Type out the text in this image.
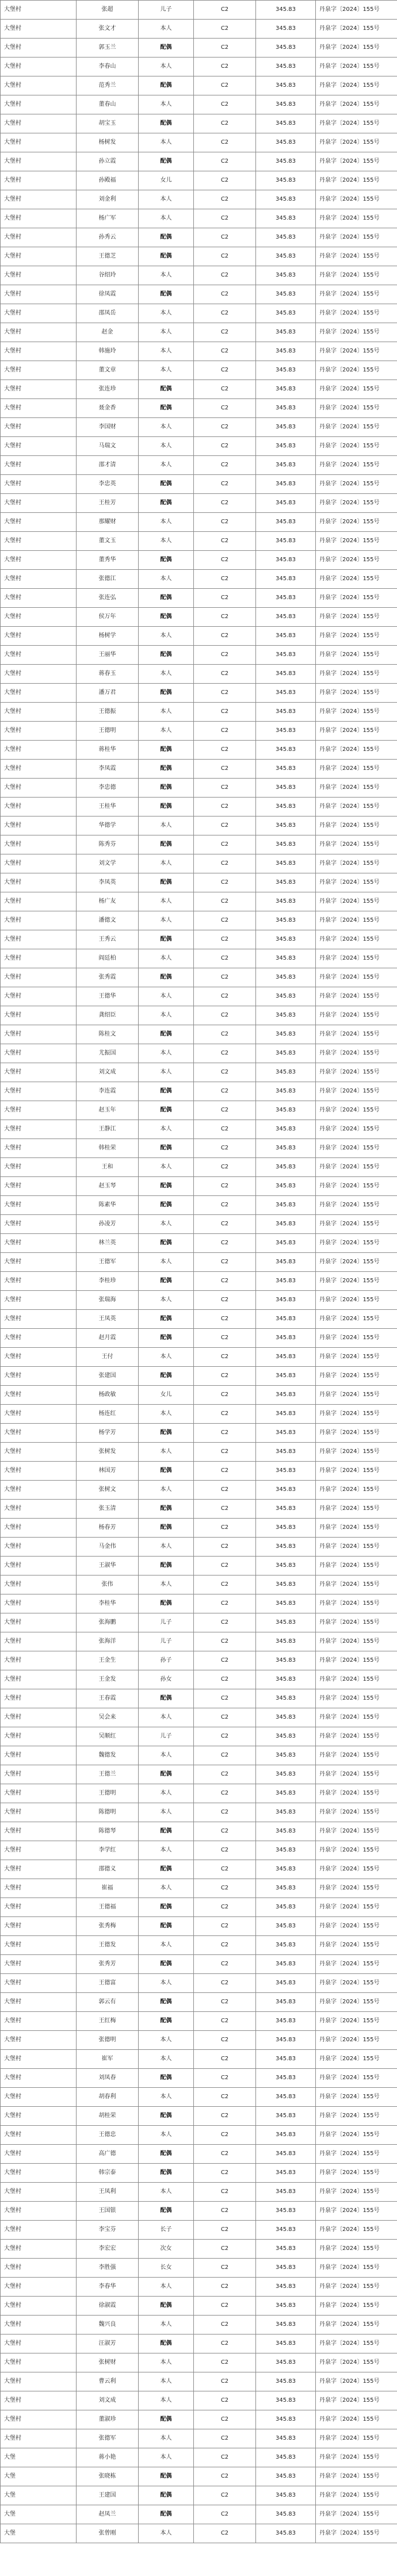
大堡村	张超	儿子	C2	345.83	丹泉字〔2024〕155号
大堡村	张文才	本人	C2	345.83	丹泉字〔2024〕155号
大堡村	郭玉兰	配偶	C2	345.83	丹泉字〔2024〕155号
大堡村	李春山	本人	C2	345.83	丹泉字〔2024〕155号
大堡村	范秀兰	配偶	C2	345.83	丹泉字〔2024〕155号
大堡村	董春山	本人	C2	345.83	丹泉字〔2024〕155号
大堡村	胡宝玉	配偶	C2	345.83	丹泉字〔2024〕155号
大堡村	杨树发	本人	C2	345.83	丹泉字〔2024〕155号
大堡村	孙立霞	配偶	C2	345.83	丹泉字〔2024〕155号
大堡村	孙殿福	女儿	C2	345.83	丹泉字〔2024〕155号
大堡村	刘金利	本人	C2	345.83	丹泉字〔2024〕155号
大堡村	杨广军	本人	C2	345.83	丹泉字〔2024〕155号
大堡村	孙秀云	配偶	C2	345.83	丹泉字〔2024〕155号
大堡村	王德芝	配偶	C2	345.83	丹泉字〔2024〕155号
大堡村	谷绍玲	本人	C2	345.83	丹泉字〔2024〕155号
大堡村	徐凤霞	配偶	C2	345.83	丹泉字〔2024〕155号
大堡村	邵凤岳	本人	C2	345.83	丹泉字〔2024〕155号
大堡村	赵金	本人	C2	345.83	丹泉字〔2024〕155号
大堡村	韩施玲	本人	C2	345.83	丹泉字〔2024〕155号
大堡村	董文章	本人	C2	345.83	丹泉字〔2024〕155号
大堡村	张连珍	配偶	C2	345.83	丹泉字〔2024〕155号
大堡村	聂金香	配偶	C2	345.83	丹泉字〔2024〕155号
大堡村	李国财	本人	C2	345.83	丹泉字〔2024〕155号
大堡村	马瑞文	本人	C2	345.83	丹泉字〔2024〕155号
大堡村	邵才清	本人	C2	345.83	丹泉字〔2024〕155号
大堡村	李忠英	配偶	C2	345.83	丹泉字〔2024〕155号
大堡村	王桂芳	配偶	C2	345.83	丹泉字〔2024〕155号
大堡村	那耀财	本人	C2	345.83	丹泉字〔2024〕155号
大堡村	董文玉	本人	C2	345.83	丹泉字〔2024〕155号
大堡村	董秀华	配偶	C2	345.83	丹泉字〔2024〕155号
大堡村	张德江	本人	C2	345.83	丹泉字〔2024〕155号
大堡村	张连弘	配偶	C2	345.83	丹泉字〔2024〕155号
大堡村	侯万年	配偶	C2	345.83	丹泉字〔2024〕155号
大堡村	杨树学	本人	C2	345.83	丹泉字〔2024〕155号
大堡村	王丽华	配偶	C2	345.83	丹泉字〔2024〕155号
大堡村	蒋春玉	本人	C2	345.83	丹泉字〔2024〕155号
大堡村	潘万君	配偶	C2	345.83	丹泉字〔2024〕155号
大堡村	王德振	本人	C2	345.83	丹泉字〔2024〕155号
大堡村	王德明	本人	C2	345.83	丹泉字〔2024〕155号
大堡村	蒋桂华	配偶	C2	345.83	丹泉字〔2024〕155号
大堡村	李凤霞	配偶	C2	345.83	丹泉字〔2024〕155号
大堡村	李忠德	配偶	C2	345.83	丹泉字〔2024〕155号
大堡村	王桂华	配偶	C2	345.83	丹泉字〔2024〕155号
大堡村	华德学	本人	C2	345.83	丹泉字〔2024〕155号
大堡村	陈秀芬	配偶	C2	345.83	丹泉字〔2024〕155号
大堡村	刘文学	本人	C2	345.83	丹泉字〔2024〕155号
大堡村	李凤英	配偶	C2	345.83	丹泉字〔2024〕155号
大堡村	杨广友	本人	C2	345.83	丹泉字〔2024〕155号
大堡村	潘德文	本人	C2	345.83	丹泉字〔2024〕155号
大堡村	王秀云	配偶	C2	345.83	丹泉字〔2024〕155号
大堡村	阎廷柏	本人	C2	345.83	丹泉字〔2024〕155号
大堡村	张秀霞	配偶	C2	345.83	丹泉字〔2024〕155号
大堡村	王德华	本人	C2	345.83	丹泉字〔2024〕155号
大堡村	龚绍臣	本人	C2	345.83	丹泉字〔2024〕155号
大堡村	陈桂文	配偶	C2	345.83	丹泉字〔2024〕155号
大堡村	尤振国	本人	C2	345.83	丹泉字〔2024〕155号
大堡村	刘文成	本人	C2	345.83	丹泉字〔2024〕155号
大堡村	李连霞	配偶	C2	345.83	丹泉字〔2024〕155号
大堡村	赵玉年	配偶	C2	345.83	丹泉字〔2024〕155号
大堡村	王静江	本人	C2	345.83	丹泉字〔2024〕155号
大堡村	韩桂荣	配偶	C2	345.83	丹泉字〔2024〕155号
大堡村	王和	本人	C2	345.83	丹泉字〔2024〕155号
大堡村	赵玉琴	配偶	C2	345.83	丹泉字〔2024〕155号
大堡村	陈素华	配偶	C2	345.83	丹泉字〔2024〕155号
大堡村	孙凌芳	本人	C2	345.83	丹泉字〔2024〕155号
大堡村	林兰英	配偶	C2	345.83	丹泉字〔2024〕155号
大堡村	王德军	本人	C2	345.83	丹泉字〔2024〕155号
大堡村	李桂珍	配偶	C2	345.83	丹泉字〔2024〕155号
大堡村	张瑞海	本人	C2	345.83	丹泉字〔2024〕155号
大堡村	王凤英	配偶	C2	345.83	丹泉字〔2024〕155号
大堡村	赵月霞	配偶	C2	345.83	丹泉字〔2024〕155号
大堡村	王付	本人	C2	345.83	丹泉字〔2024〕155号
大堡村	张建国	配偶	C2	345.83	丹泉字〔2024〕155号
大堡村	杨政敏	女儿	C2	345.83	丹泉字〔2024〕155号
大堡村	杨连红	本人	C2	345.83	丹泉字〔2024〕155号
大堡村	杨学芳	配偶	C2	345.83	丹泉字〔2024〕155号
大堡村	张树发	本人	C2	345.83	丹泉字〔2024〕155号
大堡村	林国芳	配偶	C2	345.83	丹泉字〔2024〕155号
大堡村	张树文	本人	C2	345.83	丹泉字〔2024〕155号
大堡村	张玉清	配偶	C2	345.83	丹泉字〔2024〕155号
大堡村	杨春芳	配偶	C2	345.83	丹泉字〔2024〕155号
大堡村	马金伟	本人	C2	345.83	丹泉字〔2024〕155号
大堡村	王淑华	配偶	C2	345.83	丹泉字〔2024〕155号
大堡村	张伟	本人	C2	345.83	丹泉字〔2024〕155号
大堡村	李桂华	配偶	C2	345.83	丹泉字〔2024〕155号
大堡村	张海鹏	儿子	C2	345.83	丹泉字〔2024〕155号
大堡村	张海洋	儿子	C2	345.83	丹泉字〔2024〕155号
大堡村	王金生	孙子	C2	345.83	丹泉字〔2024〕155号
大堡村	王金发	孙女	C2	345.83	丹泉字〔2024〕155号
大堡村	王春霞	配偶	C2	345.83	丹泉字〔2024〕155号
大堡村	吴会来	本人	C2	345.83	丹泉字〔2024〕155号
大堡村	吴顺红	儿子	C2	345.83	丹泉字〔2024〕155号
大堡村	魏德发	本人	C2	345.83	丹泉字〔2024〕155号
大堡村	王德兰	配偶	C2	345.83	丹泉字〔2024〕155号
大堡村	王德明	本人	C2	345.83	丹泉字〔2024〕155号
大堡村	陈德明	本人	C2	345.83	丹泉字〔2024〕155号
大堡村	陈德琴	配偶	C2	345.83	丹泉字〔2024〕155号
大堡村	李学红	本人	C2	345.83	丹泉字〔2024〕155号
大堡村	邵德义	配偶	C2	345.83	丹泉字〔2024〕155号
大堡村	崔福	本人	C2	345.83	丹泉字〔2024〕155号
大堡村	王德福	配偶	C2	345.83	丹泉字〔2024〕155号
大堡村	张秀梅	配偶	C2	345.83	丹泉字〔2024〕155号
大堡村	王德发	本人	C2	345.83	丹泉字〔2024〕155号
大堡村	张秀芳	配偶	C2	345.83	丹泉字〔2024〕155号
大堡村	王德富	本人	C2	345.83	丹泉字〔2024〕155号
大堡村	郭云有	配偶	C2	345.83	丹泉字〔2024〕155号
大堡村	王红梅	配偶	C2	345.83	丹泉字〔2024〕155号
大堡村	张德明	本人	C2	345.83	丹泉字〔2024〕155号
大堡村	崔军	本人	C2	345.83	丹泉字〔2024〕155号
大堡村	刘凤春	配偶	C2	345.83	丹泉字〔2024〕155号
大堡村	胡春利	本人	C2	345.83	丹泉字〔2024〕155号
大堡村	胡桂荣	配偶	C2	345.83	丹泉字〔2024〕155号
大堡村	王德忠	本人	C2	345.83	丹泉字〔2024〕155号
大堡村	高广德	配偶	C2	345.83	丹泉字〔2024〕155号
大堡村	韩宗泰	配偶	C2	345.83	丹泉字〔2024〕155号
大堡村	王凤利	本人	C2	345.83	丹泉字〔2024〕155号
大堡村	王国银	配偶	C2	345.83	丹泉字〔2024〕155号
大堡村	李宝芬	长子	C2	345.83	丹泉字〔2024〕155号
大堡村	李宏宏	次女	C2	345.83	丹泉字〔2024〕155号
大堡村	李胜强	长女	C2	345.83	丹泉字〔2024〕155号
大堡村	李春华	本人	C2	345.83	丹泉字〔2024〕155号
大堡村	徐淑霞	配偶	C2	345.83	丹泉字〔2024〕155号
大堡村	魏兴良	本人	C2	345.83	丹泉字〔2024〕155号
大堡村	汪淑芳	配偶	C2	345.83	丹泉字〔2024〕155号
大堡村	张树财	本人	C2	345.83	丹泉字〔2024〕155号
大堡村	曹云利	本人	C2	345.83	丹泉字〔2024〕155号
大堡村	刘文成	本人	C2	345.83	丹泉字〔2024〕155号
大堡村	董淑珍	配偶	C2	345.83	丹泉字〔2024〕155号
大堡村	张德军	本人	C2	345.83	丹泉字〔2024〕155号
大堡	蒋小艳	本人	C2	345.83	丹泉字〔2024〕155号
大堡	张晓栋	配偶	C2	345.83	丹泉字〔2024〕155号
大堡	王建国	配偶	C2	345.83	丹泉字〔2024〕155号
大堡	赵凤兰	配偶	C2	345.83	丹泉字〔2024〕155号
大堡	张曾刚	本人	C2	345.83	丹泉字〔2024〕155号
